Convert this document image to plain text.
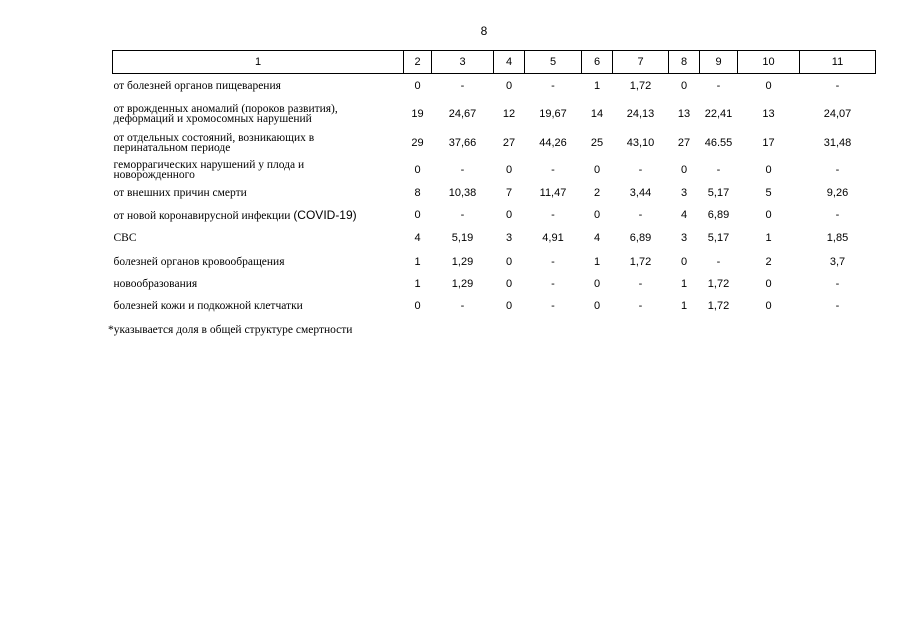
8
1	2	3	4	5	6	7	8	9	10	11
от болезней органов пищеварения	0	-	0	-	1	1,72	0	-	0	-
от врожденных аномалий (пороков развития),
деформаций и хромосомных нарушений	19	24,67	12	19,67	14	24,13	13	22,41	13	24,07
от отдельных состояний, возникающих в
перинатальном периоде	29	37,66	27	44,26	25	43,10	27	46.55	17	31,48
геморрагических нарушений у плода и
новорожденного	0	-	0	-	0	-	0	-	0	-
от внешних причин смерти	8	10,38	7	11,47	2	3,44	3	5,17	5	9,26
от новой коронавирусной инфекции (COVID-19)	0	-	0	-	0	-	4	6,89	0	-
СВС	4	5,19	3	4,91	4	6,89	3	5,17	1	1,85
болезней органов кровообращения	1	1,29	0	-	1	1,72	0	-	2	3,7
новообразования	1	1,29	0	-	0	-	1	1,72	0	-
болезней кожи и подкожной клетчатки	0	-	0	-	0	-	1	1,72	0	-
*указывается доля в общей структуре смертности
